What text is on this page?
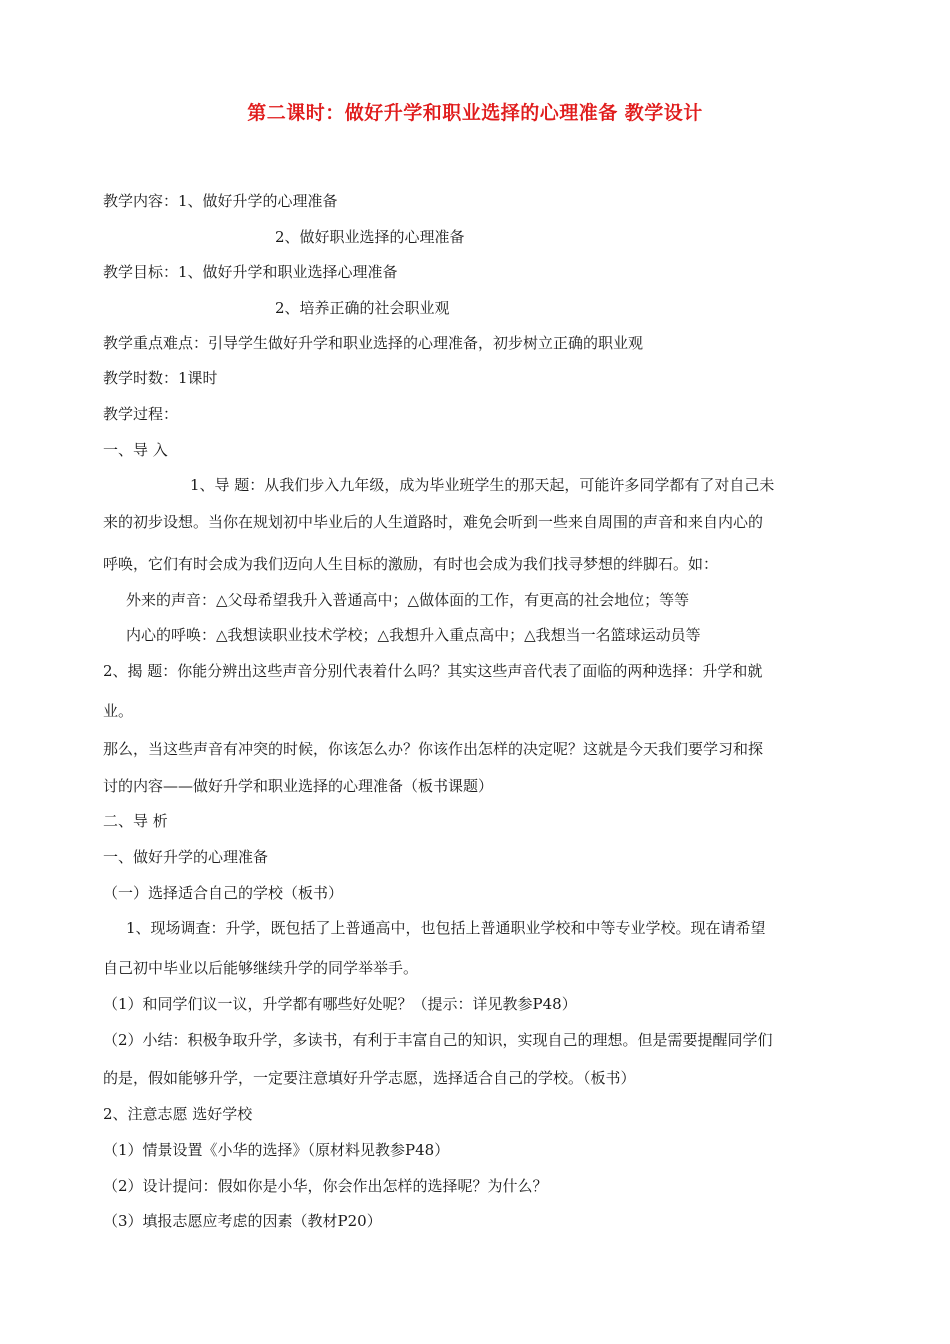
第二课时：做好升学和职业选择的心理准备 教学设计
教学内容：1、做好升学的心理准备
2、做好职业选择的心理准备
教学目标：1、做好升学和职业选择心理准备
2、培养正确的社会职业观
教学重点难点：引导学生做好升学和职业选择的心理准备，初步树立正确的职业观
教学时数：1课时
教学过程：
一、导 入
1、导 题：从我们步入九年级，成为毕业班学生的那天起，可能许多同学都有了对自己未
来的初步设想。当你在规划初中毕业后的人生道路时，难免会听到一些来自周围的声音和来自内心的
呼唤，它们有时会成为我们迈向人生目标的激励，有时也会成为我们找寻梦想的绊脚石。如：
外来的声音：△父母希望我升入普通高中；△做体面的工作，有更高的社会地位；等等
内心的呼唤：△我想读职业技术学校；△我想升入重点高中；△我想当一名篮球运动员等
2、揭 题：你能分辨出这些声音分别代表着什么吗？其实这些声音代表了面临的两种选择：升学和就
业。
那么，当这些声音有冲突的时候，你该怎么办？你该作出怎样的决定呢？这就是今天我们要学习和探
讨的内容——做好升学和职业选择的心理准备（板书课题）
二、导 析
一、做好升学的心理准备
（一）选择适合自己的学校（板书）
1、现场调查：升学，既包括了上普通高中，也包括上普通职业学校和中等专业学校。现在请希望
自己初中毕业以后能够继续升学的同学举举手。
（1）和同学们议一议，升学都有哪些好处呢？（提示：详见教参P48）
（2）小结：积极争取升学，多读书，有利于丰富自己的知识，实现自己的理想。但是需要提醒同学们
的是，假如能够升学，一定要注意填好升学志愿，选择适合自己的学校。（板书）
2、注意志愿 选好学校
（1）情景设置《小华的选择》（原材料见教参P48）
（2）设计提问：假如你是小华，你会作出怎样的选择呢？为什么？
（3）填报志愿应考虑的因素（教材P20）
